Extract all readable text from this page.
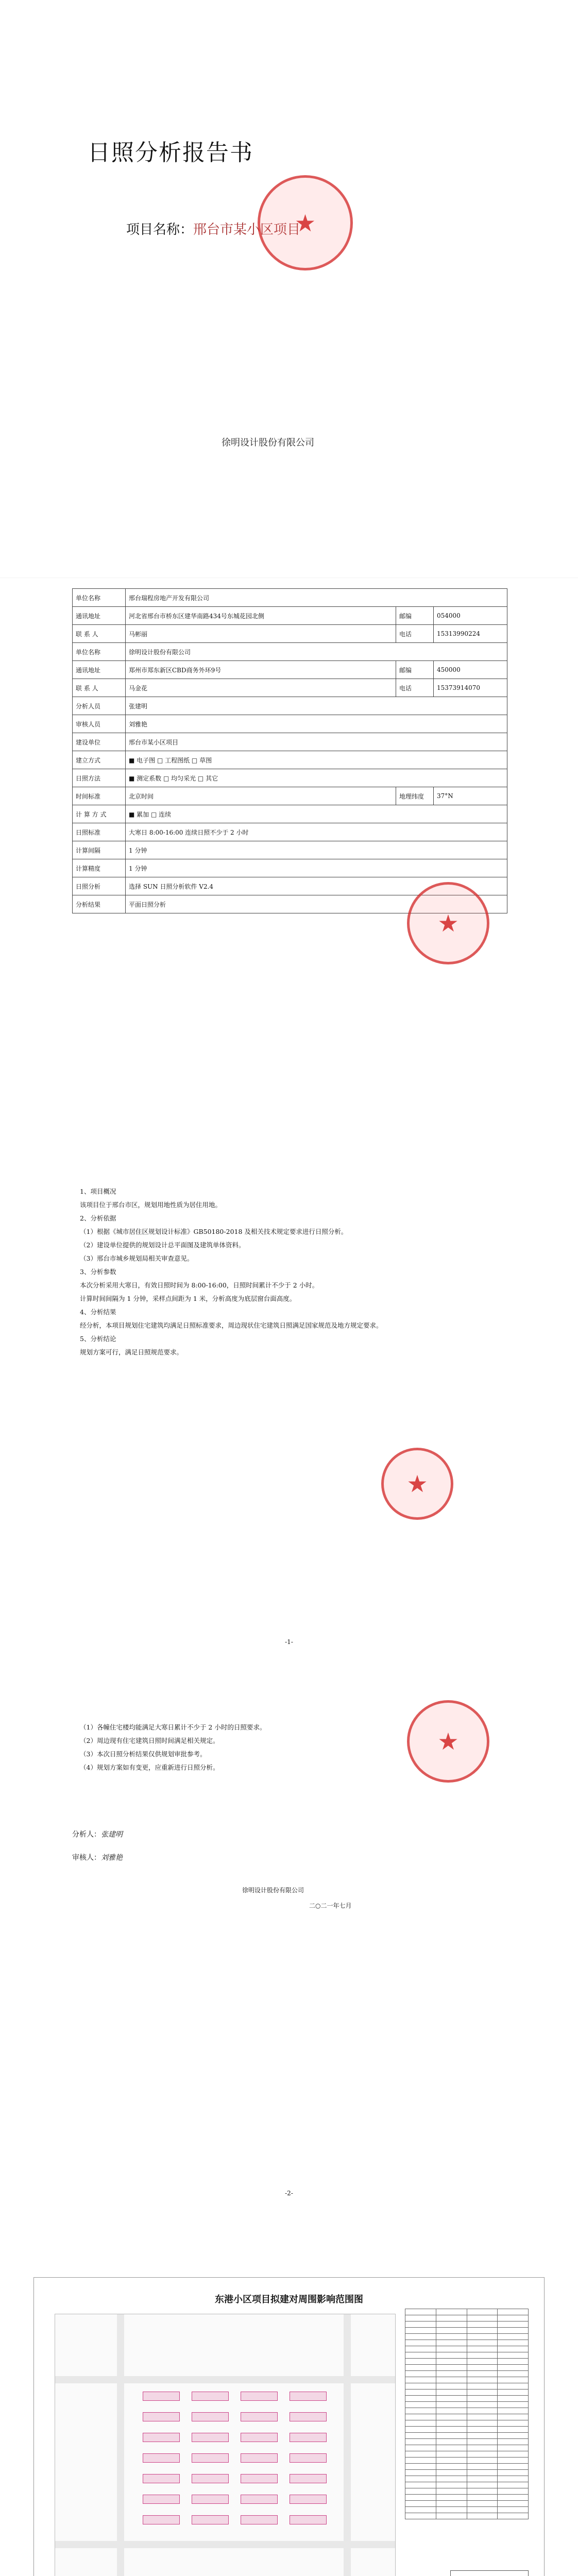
日照分析报告书
项目名称：邢台市某小区项目
★
徐明设计股份有限公司
单位名称	邢台瑞程房地产开发有限公司		
通讯地址	河北省邢台市桥东区建华南路434号东城花园北侧	邮编	054000
联 系 人	马彬丽	电话	15313990224
单位名称	徐明设计股份有限公司		
通讯地址	郑州市郑东新区CBD商务外环9号	邮编	450000
联 系 人	马金花	电话	15373914070
分析人员	张建明		
审核人员	刘雅艳		
建设单位	邢台市某小区项目		
建立方式	■ 电子图 □ 工程图纸 □ 草图		
日照方法	■ 测定系数 □ 均匀采光 □ 其它		
时间标准	北京时间	地理纬度	37°N
计 算 方 式	■ 累加 □ 连续		
日照标准	大寒日 8:00-16:00 连续日照不少于 2 小时		
计算间隔	1 分钟		
计算精度	1 分钟		
日照分析	选择 SUN 日照分析软件 V2.4		
分析结果	平面日照分析		
★

1、项目概况

该项目位于邢台市区，规划用地性质为居住用地。

2、分析依据

（1）根据《城市居住区规划设计标准》GB50180-2018 及相关技术规定要求进行日照分析。

（2）建设单位提供的规划设计总平面图及建筑单体资料。

（3）邢台市城乡规划局相关审查意见。

3、分析参数

本次分析采用大寒日，有效日照时间为 8:00-16:00，日照时间累计不少于 2 小时。

计算时间间隔为 1 分钟，采样点间距为 1 米，分析高度为底层窗台面高度。

4、分析结果

经分析，本项目规划住宅建筑均满足日照标准要求，周边现状住宅建筑日照满足国家规范及地方规定要求。

5、分析结论

规划方案可行，满足日照规范要求。

★
-1-

（1）各幢住宅楼均能满足大寒日累计不少于 2 小时的日照要求。

（2）周边现有住宅建筑日照时间满足相关规定。

（3）本次日照分析结果仅供规划审批参考。

（4）规划方案如有变更，应重新进行日照分析。

★
分析人：张建明
审核人：刘雅艳
徐明设计股份有限公司
二○二一年七月
-2-
东港小区项目拟建对周围影响范围图
